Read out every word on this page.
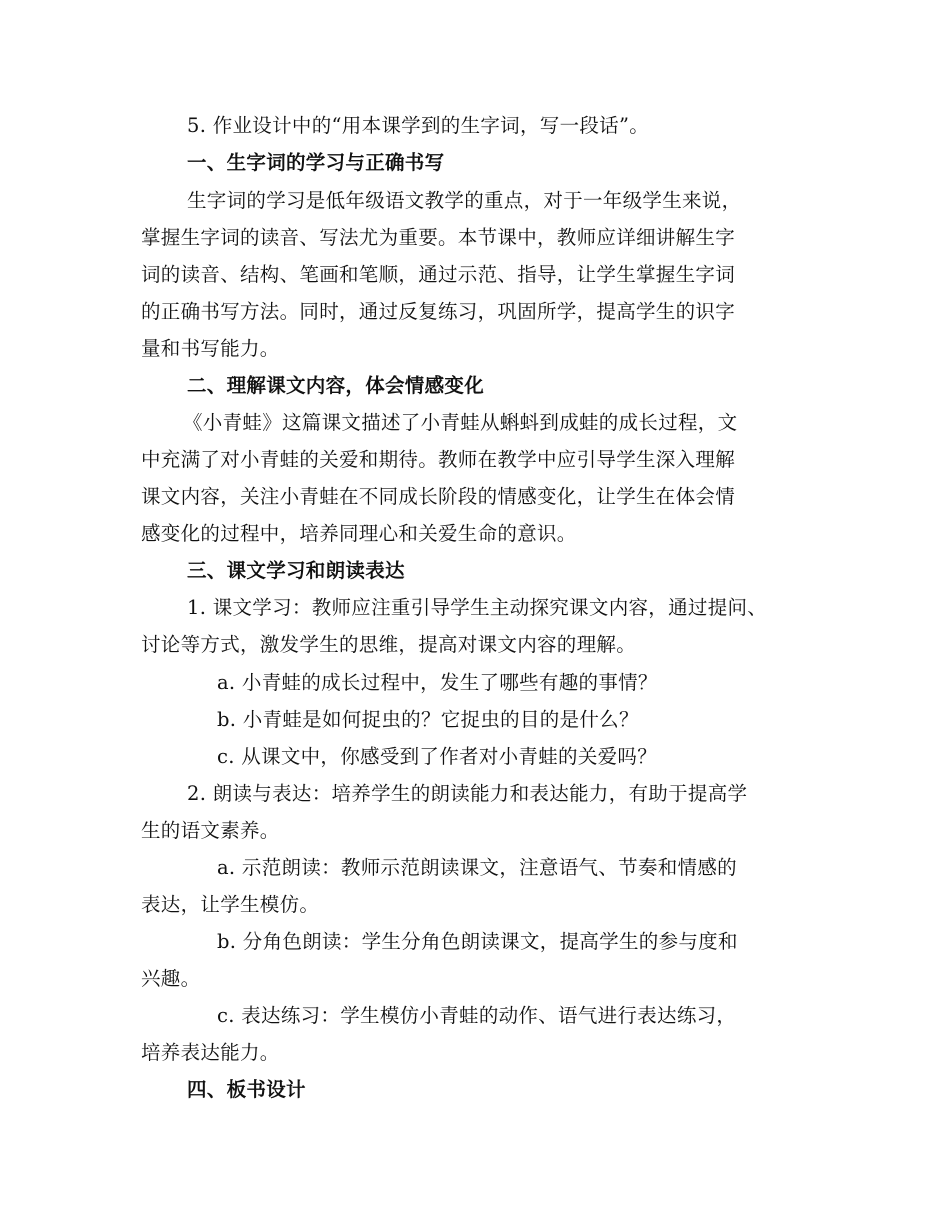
5. 作业设计中的“用本课学到的生字词，写一段话”。
一、生字词的学习与正确书写
生字词的学习是低年级语文教学的重点，对于一年级学生来说，
掌握生字词的读音、写法尤为重要。本节课中，教师应详细讲解生字
词的读音、结构、笔画和笔顺，通过示范、指导，让学生掌握生字词
的正确书写方法。同时，通过反复练习，巩固所学，提高学生的识字
量和书写能力。
二、理解课文内容，体会情感变化
《小青蛙》这篇课文描述了小青蛙从蝌蚪到成蛙的成长过程，文
中充满了对小青蛙的关爱和期待。教师在教学中应引导学生深入理解
课文内容，关注小青蛙在不同成长阶段的情感变化，让学生在体会情
感变化的过程中，培养同理心和关爱生命的意识。
三、课文学习和朗读表达
1. 课文学习：教师应注重引导学生主动探究课文内容，通过提问、
讨论等方式，激发学生的思维，提高对课文内容的理解。
a. 小青蛙的成长过程中，发生了哪些有趣的事情？
b. 小青蛙是如何捉虫的？它捉虫的目的是什么？
c. 从课文中，你感受到了作者对小青蛙的关爱吗？
2. 朗读与表达：培养学生的朗读能力和表达能力，有助于提高学
生的语文素养。
a. 示范朗读：教师示范朗读课文，注意语气、节奏和情感的
表达，让学生模仿。
b. 分角色朗读：学生分角色朗读课文，提高学生的参与度和
兴趣。
c. 表达练习：学生模仿小青蛙的动作、语气进行表达练习，
培养表达能力。
四、板书设计
